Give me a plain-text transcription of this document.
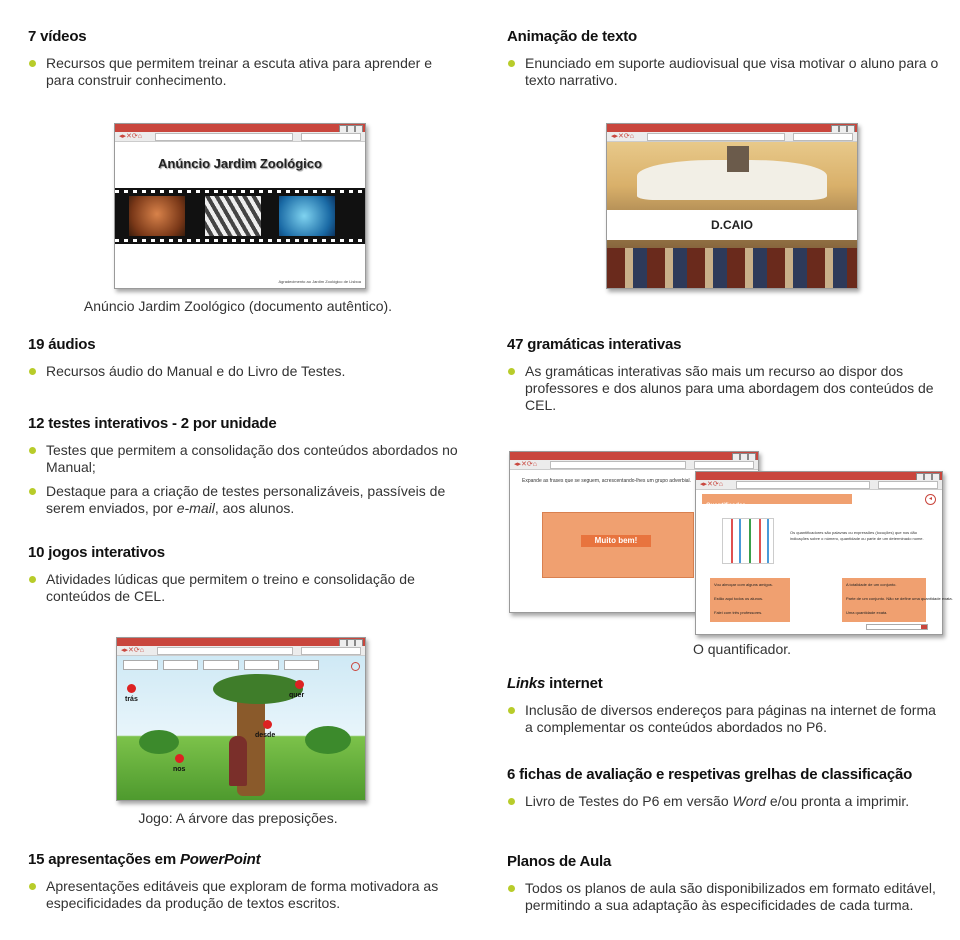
7 vídeos
Recursos que permitem treinar a escuta ativa para aprender e para construir conhecimento.
◂▸✕⟳⌂
Anúncio Jardim Zoológico
Agradecimento ao Jardim Zoológico de Lisboa
Anúncio Jardim Zoológico (documento autêntico).
19 áudios
Recursos áudio do Manual e do Livro de Testes.
12 testes interativos - 2 por unidade
Testes que permitem a consolidação dos conteúdos abordados no Manual;
Destaque para a criação de testes personalizáveis, passíveis de serem enviados, por e-mail, aos alunos.
10 jogos interativos
Atividades lúdicas que permitem o treino e consolidação de conteúdos de CEL.
◂▸✕⟳⌂
trás
quer
desde
nos
Jogo: A árvore das preposições.
15 apresentações em PowerPoint
Apresentações editáveis que exploram de forma motivadora as especificidades da produção de textos escritos.
Animação de texto
Enunciado em suporte audiovisual que visa motivar o aluno para o texto narrativo.
◂▸✕⟳⌂
D.CAIO
47 gramáticas interativas
As gramáticas interativas são mais um recurso ao dispor dos professores e dos alunos para uma abordagem dos conteúdos de CEL.
◂▸✕⟳⌂
Expande as frases que se seguem, acrescentando-lhes um grupo adverbial.
Muito bem!
◂▸✕⟳⌂
Quantificador
◂
Os quantificadores são palavras ou expressões (locuções) que nos dão indicações sobre o número, quantidade ou parte de um determinado nome.
Vou almoçar com alguns amigos.
Estão aqui todos os alunos.
Falei com três professores.
A totalidade de um conjunto.
Parte de um conjunto. Não se define uma quantidade exata.
Uma quantidade exata.
O quantificador.
Links internet
Inclusão de diversos endereços para páginas na internet de forma a complementar os conteúdos abordados no P6.
6 fichas de avaliação e respetivas grelhas de classificação
Livro de Testes do P6 em versão Word e/ou pronta a imprimir.
Planos de Aula
Todos os planos de aula são disponibilizados em formato editável, permitindo a sua adaptação às especificidades de cada turma.
